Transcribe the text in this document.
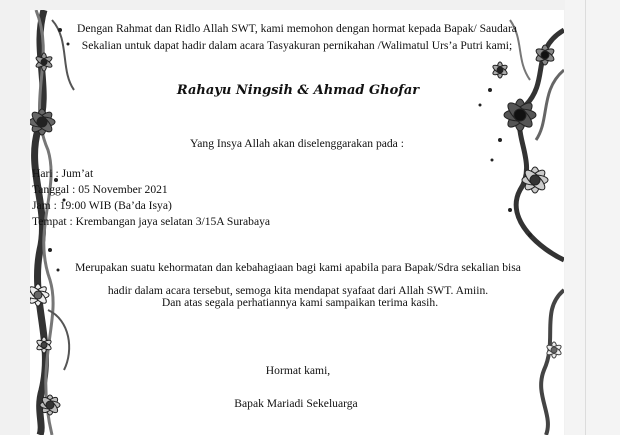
Dengan Rahmat dan Ridlo Allah SWT, kami memohon dengan hormat kepada Bapak/ Saudara
Sekalian untuk dapat hadir dalam acara Tasyakuran pernikahan /Walimatul Urs’a Putri kami;
Rahayu Ningsih & Ahmad Ghofar
Yang Insya Allah akan diselenggarakan pada :
Hari : Jum’at
Tanggal : 05 November 2021
Jam : 19:00 WIB (Ba’da Isya)
Tempat : Krembangan jaya selatan 3/15A Surabaya
Merupakan suatu kehormatan dan kebahagiaan bagi kami apabila para Bapak/Sdra sekalian bisa
hadir dalam acara tersebut, semoga kita mendapat syafaat dari Allah SWT. Amiin.
Dan atas segala perhatiannya kami sampaikan terima kasih.
Hormat kami,
Bapak Mariadi Sekeluarga
